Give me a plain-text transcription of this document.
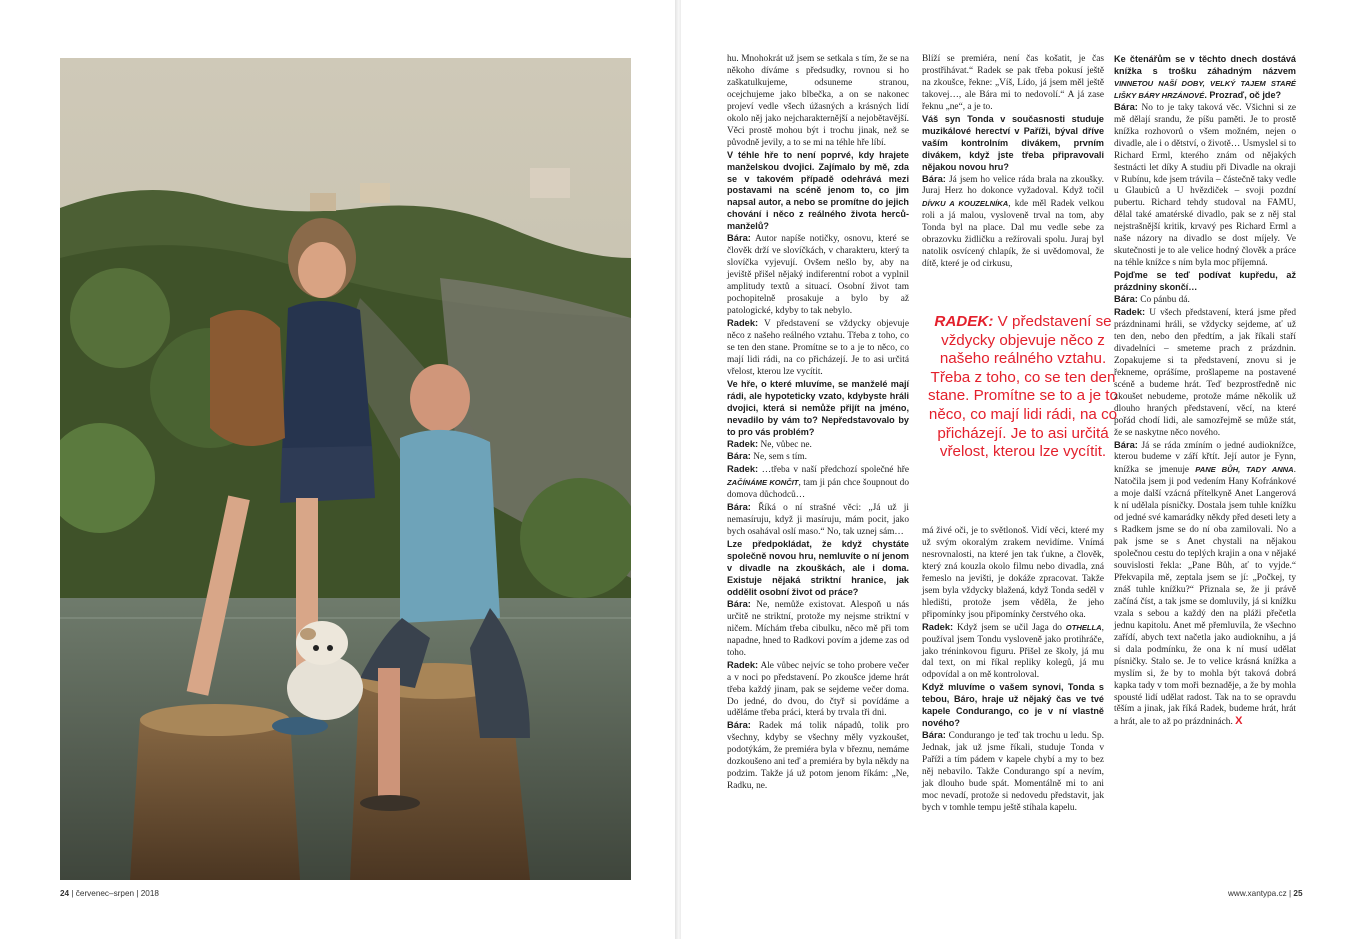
24 | červenec–srpen | 2018

hu. Mnohokrát už jsem se setkala s tím, že se na někoho díváme s předsudky, rovnou si ho zaškatulkujeme, odsuneme stranou, ocejchujeme jako blbečka, a on se nakonec projeví vedle všech úžasných a krásných lidí okolo něj jako nejcharakternější a nejobětavější. Věci prostě mohou být i trochu jinak, než se původně jevily, a to se mi na téhle hře líbí.

V téhle hře to není poprvé, kdy hrajete manželskou dvojici. Zajímalo by mě, zda se v takovém případě odehrává mezi postavami na scéně jenom to, co jim napsal autor, a nebo se promítne do jejich chování i něco z reálného života herců-manželů?

Bára: Autor napíše notičky, osnovu, které se člověk drží ve slovíčkách, v charakteru, který ta slovíčka vyjevují. Ovšem nešlo by, aby na jeviště přišel nějaký indiferentní robot a vyplnil amplitudy textů a situací. Osobní život tam pochopitelně prosakuje a bylo by až patologické, kdyby to tak nebylo.

Radek: V představení se vždycky objevuje něco z našeho reálného vztahu. Třeba z toho, co se ten den stane. Promítne se to a je to něco, co mají lidi rádi, na co přicházejí. Je to asi určitá vřelost, kterou lze vycítit.

Ve hře, o které mluvíme, se manželé mají rádi, ale hypoteticky vzato, kdybyste hráli dvojici, která si nemůže přijít na jméno, nevadilo by vám to? Nepředstavovalo by to pro vás problém?

Radek: Ne, vůbec ne.

Bára: Ne, sem s tím.

Radek: …třeba v naší předchozí společné hře ZAČÍNÁME KONČIT, tam ji pán chce šoupnout do domova důchodců…

Bára: Říká o ní strašné věci: „Já už ji nemasíruju, když ji masíruju, mám pocit, jako bych osahával oslí maso.“ No, tak uznej sám…

Lze předpokládat, že když chystáte společně novou hru, nemluvíte o ní jenom v divadle na zkouškách, ale i doma. Existuje nějaká striktní hranice, jak oddělit osobní život od práce?

Bára: Ne, nemůže existovat. Alespoň u nás určitě ne striktní, protože my nejsme striktní v ničem. Míchám třeba cibulku, něco mě při tom napadne, hned to Radkovi povím a jdeme zas od toho.

Radek: Ale vůbec nejvíc se toho probere večer a v noci po představení. Po zkoušce jdeme hrát třeba každý jinam, pak se sejdeme večer doma. Do jedné, do dvou, do čtyř si povídáme a uděláme třeba práci, která by trvala tři dni.

Bára: Radek má tolik nápadů, tolik pro všechny, kdyby se všechny měly vyzkoušet, podotýkám, že premiéra byla v březnu, nemáme dozkoušeno ani teď a premiéra by byla někdy na podzim. Takže já už potom jenom říkám: „Ne, Radku, ne.

Blíží se premiéra, není čas košatit, je čas prostřihávat.“ Radek se pak třeba pokusí ještě na zkoušce, řekne: „Víš, Lído, já jsem měl ještě takovej…, ale Bára mi to nedovolí.“ A já zase řeknu „ne“, a je to.

Váš syn Tonda v současnosti studuje muzikálové herectví v Paříži, býval dříve vaším kontrolním divákem, prvním divákem, když jste třeba připravovali nějakou novou hru?

Bára: Já jsem ho velice ráda brala na zkoušky. Juraj Herz ho dokonce vyžadoval. Když točil DÍVKU A KOUZELNÍKA, kde měl Radek velkou roli a já malou, vysloveně trval na tom, aby Tonda byl na place. Dal mu vedle sebe za obrazovku židličku a režírovali spolu. Juraj byl natolik osvícený chlapík, že si uvědomoval, že dítě, které je od cirkusu,

RADEK: V představení se vždycky objevuje něco z našeho reálného vztahu. Třeba z toho, co se ten den stane. Promítne se to a je to něco, co mají lidi rádi, na co přicházejí. Je to asi určitá vřelost, kterou lze vycítit.

má živé oči, je to světlonoš. Vidí věci, které my už svým okoralým zrakem nevidíme. Vnímá nesrovnalosti, na které jen tak ťukne, a člověk, který zná kouzla okolo filmu nebo divadla, zná řemeslo na jevišti, je dokáže zpracovat. Takže jsem byla vždycky blažená, když Tonda seděl v hledišti, protože jsem věděla, že jeho připomínky jsou připomínky čerstvého oka.

Radek: Když jsem se učil Jaga do OTHELLA, používal jsem Tondu vysloveně jako protihráče, jako tréninkovou figuru. Přišel ze školy, já mu dal text, on mi říkal repliky kolegů, já mu odpovídal a on mě kontroloval.

Když mluvíme o vašem synovi, Tonda s tebou, Báro, hraje už nějaký čas ve tvé kapele Condurango, co je v ní vlastně nového?

Bára: Condurango je teď tak trochu u ledu. Sp. Jednak, jak už jsme říkali, studuje Tonda v Paříži a tím pádem v kapele chybí a my to bez něj nebavilo. Takže Condurango spí a nevím, jak dlouho bude spát. Momentálně mi to ani moc nevadí, protože si nedovedu představit, jak bych v tomhle tempu ještě stíhala kapelu.

Ke čtenářům se v těchto dnech dostává knížka s trošku záhadným názvem VINNETOU NAŠÍ DOBY, VELKÝ TAJEM STARÉ LIŠKY BÁRY HRZÁNOVÉ. Prozraď, oč jde?

Bára: No to je taky taková věc. Všichni si ze mě dělají srandu, že píšu paměti. Je to prostě knížka rozhovorů o všem možném, nejen o divadle, ale i o dětství, o životě… Usmyslel si to Richard Erml, kterého znám od nějakých šestnácti let díky A studiu při Divadle na okraji v Rubínu, kde jsem trávila – částečně taky vedle u Glaubiců a U hvězdiček – svoji pozdní pubertu. Richard tehdy studoval na FAMU, dělal také amatérské divadlo, pak se z něj stal nejstrašnější kritik, krvavý pes Richard Erml a naše názory na divadlo se dost míjely. Ve skutečnosti je to ale velice hodný člověk a práce na téhle knížce s ním byla moc příjemná.

Pojďme se teď podívat kupředu, až prázdniny skončí…

Bára: Co pánbu dá.

Radek: U všech představení, která jsme před prázdninami hráli, se vždycky sejdeme, ať už ten den, nebo den předtím, a jak říkali staří divadelníci – smeteme prach z prázdnin. Zopakujeme si ta představení, znovu si je řekneme, oprášíme, prošlapeme na postavené scéně a budeme hrát. Teď bezprostředně nic zkoušet nebudeme, protože máme několik už dlouho hraných představení, věcí, na které pořád chodí lidi, ale samozřejmě se může stát, že se naskytne něco nového.

Bára: Já se ráda zmíním o jedné audioknížce, kterou budeme v září křtít. Její autor je Fynn, knížka se jmenuje PANE BŮH, TADY ANNA. Natočila jsem ji pod vedením Hany Kofránkové a moje další vzácná přítelkyně Anet Langerová k ní udělala písničky. Dostala jsem tuhle knížku od jedné své kamarádky někdy před deseti lety a s Radkem jsme se do ní oba zamilovali. No a pak jsme se s Anet chystali na nějakou společnou cestu do teplých krajin a ona v nějaké souvislosti řekla: „Pane Bůh, ať to vyjde.“ Překvapila mě, zeptala jsem se jí: „Počkej, ty znáš tuhle knížku?“ Přiznala se, že ji právě začíná číst, a tak jsme se domluvily, já si knížku vzala s sebou a každý den na pláži přečetla jednu kapitolu. Anet mě přemluvila, že všechno zařídí, abych text načetla jako audioknihu, a já si dala podmínku, že ona k ní musí udělat písničky. Stalo se. Je to velice krásná knížka a myslím si, že by to mohla být taková dobrá kapka tady v tom moři beznaděje, a že by mohla spousté lidí udělat radost. Tak na to se opravdu těším a jinak, jak říká Radek, budeme hrát, hrát a hrát, ale to až po prázdninách. X

www.xantypa.cz | 25
